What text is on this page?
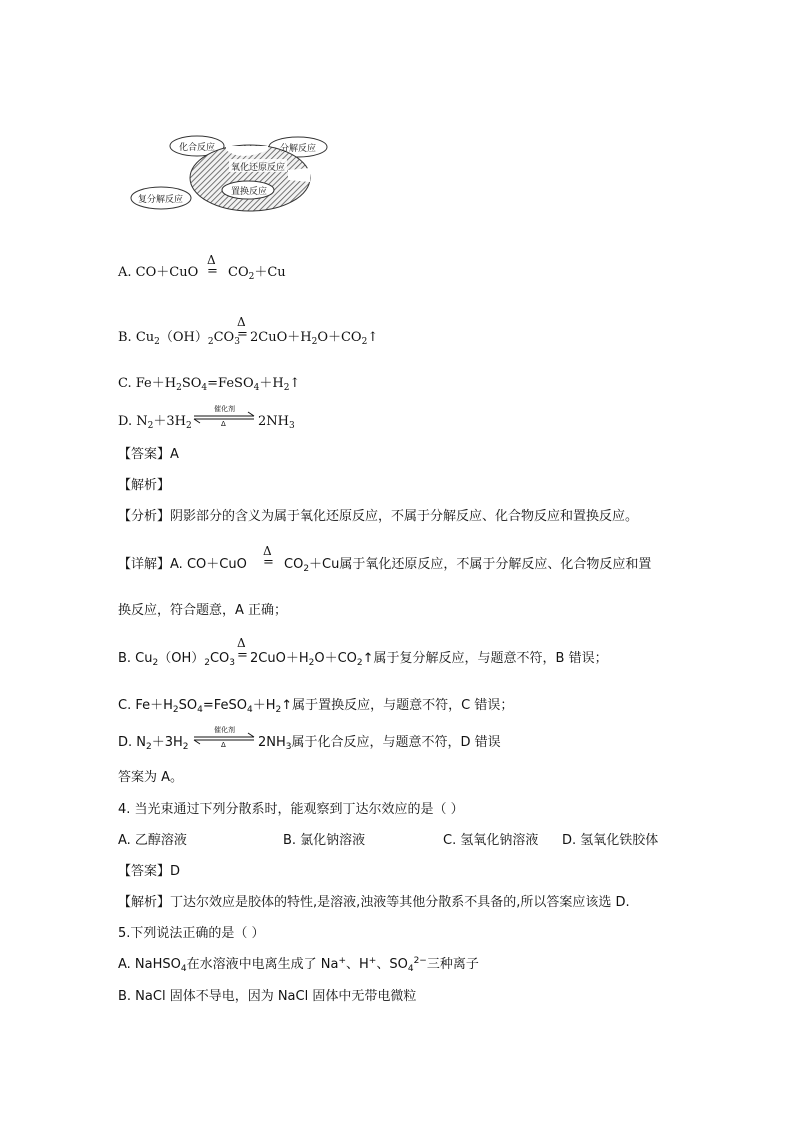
化合反应	分解反应
氧化还原反应
置换反应
复分解反应
A. CO＋CuO
Δ
= $CO_2+Cu$
B. $Cu_2(OH)_2CO_3$
Δ
= $2CuO+H_2O+CO_2↑$
C. $Fe+H_2SO_4=FeSO_4+H_2↑$
D. $N_2+3H_2$
催化剂
Δ $2NH_3$
【答案】A
【解析】
【分析】阴影部分的含义为属于氧化还原反应，不属于分解反应、化合物反应和置换反应。
【详解】A. CO＋CuO
Δ
= $CO_2+Cu$属于氧化还原反应，不属于分解反应、化合物反应和置
换反应，符合题意，A 正确；
B. $Cu_2(OH)_2CO_3$
Δ
= $2CuO+H_2O+CO_2↑$属于复分解反应，与题意不符，B 错误；
C. $Fe+H_2SO_4=FeSO_4+H_2↑$属于置换反应，与题意不符，C 错误；
D. $N_2+3H_2$
催化剂
Δ $2NH_3$属于化合反应，与题意不符，D 错误
答案为 A。
4. 当光束通过下列分散系时，能观察到丁达尔效应的是（ ）
A. 乙醇溶液	B. 氯化钠溶液	C. 氢氧化钠溶液 D. 氢氧化铁胶体
【答案】D
【解析】丁达尔效应是胶体的特性,是溶液,浊液等其他分散系不具备的,所以答案应该选 D.
5.下列说法正确的是（ ）
A. NaHSO$_4$在水溶液中电离生成了 Na+、H+、$SO_4^{2-}$三种离子
B. NaCl 固体不导电，因为 NaCl 固体中无带电微粒
